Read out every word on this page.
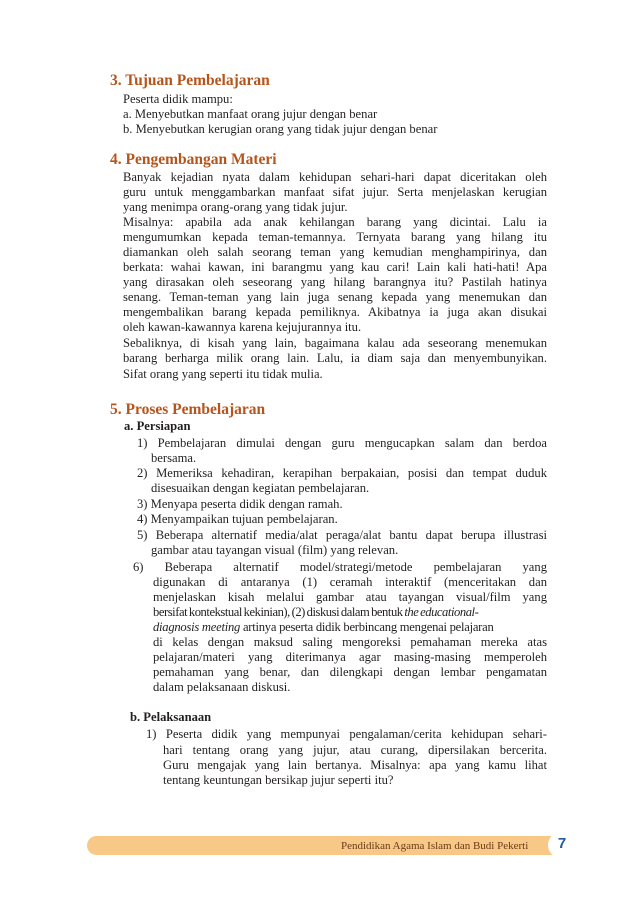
3. Tujuan Pembelajaran
Peserta didik mampu:
a. Menyebutkan manfaat orang jujur dengan benar
b. Menyebutkan kerugian orang yang tidak jujur dengan benar
4. Pengembangan Materi
Banyak kejadian nyata dalam kehidupan sehari-hari dapat diceritakan oleh
guru untuk menggambarkan manfaat sifat jujur. Serta menjelaskan kerugian
yang menimpa orang-orang yang tidak jujur.
Misalnya: apabila ada anak kehilangan barang yang dicintai. Lalu ia
mengumumkan kepada teman-temannya. Ternyata barang yang hilang itu
diamankan oleh salah seorang teman yang kemudian menghampirinya, dan
berkata: wahai kawan, ini barangmu yang kau cari! Lain kali hati-hati! Apa
yang dirasakan oleh seseorang yang hilang barangnya itu? Pastilah hatinya
senang. Teman-teman yang lain juga senang kepada yang menemukan dan
mengembalikan barang kepada pemiliknya. Akibatnya ia juga akan disukai
oleh kawan-kawannya karena kejujurannya itu.
Sebaliknya, di kisah yang lain, bagaimana kalau ada seseorang menemukan
barang berharga milik orang lain. Lalu, ia diam saja dan menyembunyikan.
Sifat orang yang seperti itu tidak mulia.
5. Proses Pembelajaran
a. Persiapan
1) Pembelajaran dimulai dengan guru mengucapkan salam dan berdoa
bersama.
2) Memeriksa kehadiran, kerapihan berpakaian, posisi dan tempat duduk
disesuaikan dengan kegiatan pembelajaran.
3) Menyapa peserta didik dengan ramah.
4) Menyampaikan tujuan pembelajaran.
5) Beberapa alternatif media/alat peraga/alat bantu dapat berupa illustrasi
gambar atau tayangan visual (film) yang relevan.
6) Beberapa alternatif model/strategi/metode pembelajaran yang
digunakan di antaranya (1) ceramah interaktif (menceritakan dan
menjelaskan kisah melalui gambar atau tayangan visual/film yang
bersifat kontekstual kekinian), (2) diskusi dalam bentuk the educational-
diagnosis meeting artinya peserta didik berbincang mengenai pelajaran
di kelas dengan maksud saling mengoreksi pemahaman mereka atas
pelajaran/materi yang diterimanya agar masing-masing memperoleh
pemahaman yang benar, dan dilengkapi dengan lembar pengamatan
dalam pelaksanaan diskusi.
b. Pelaksanaan
1) Peserta didik yang mempunyai pengalaman/cerita kehidupan sehari-
hari tentang orang yang jujur, atau curang, dipersilakan bercerita.
Guru mengajak yang lain bertanya. Misalnya: apa yang kamu lihat
tentang keuntungan bersikap jujur seperti itu?
Pendidikan Agama Islam dan Budi Pekerti	7
